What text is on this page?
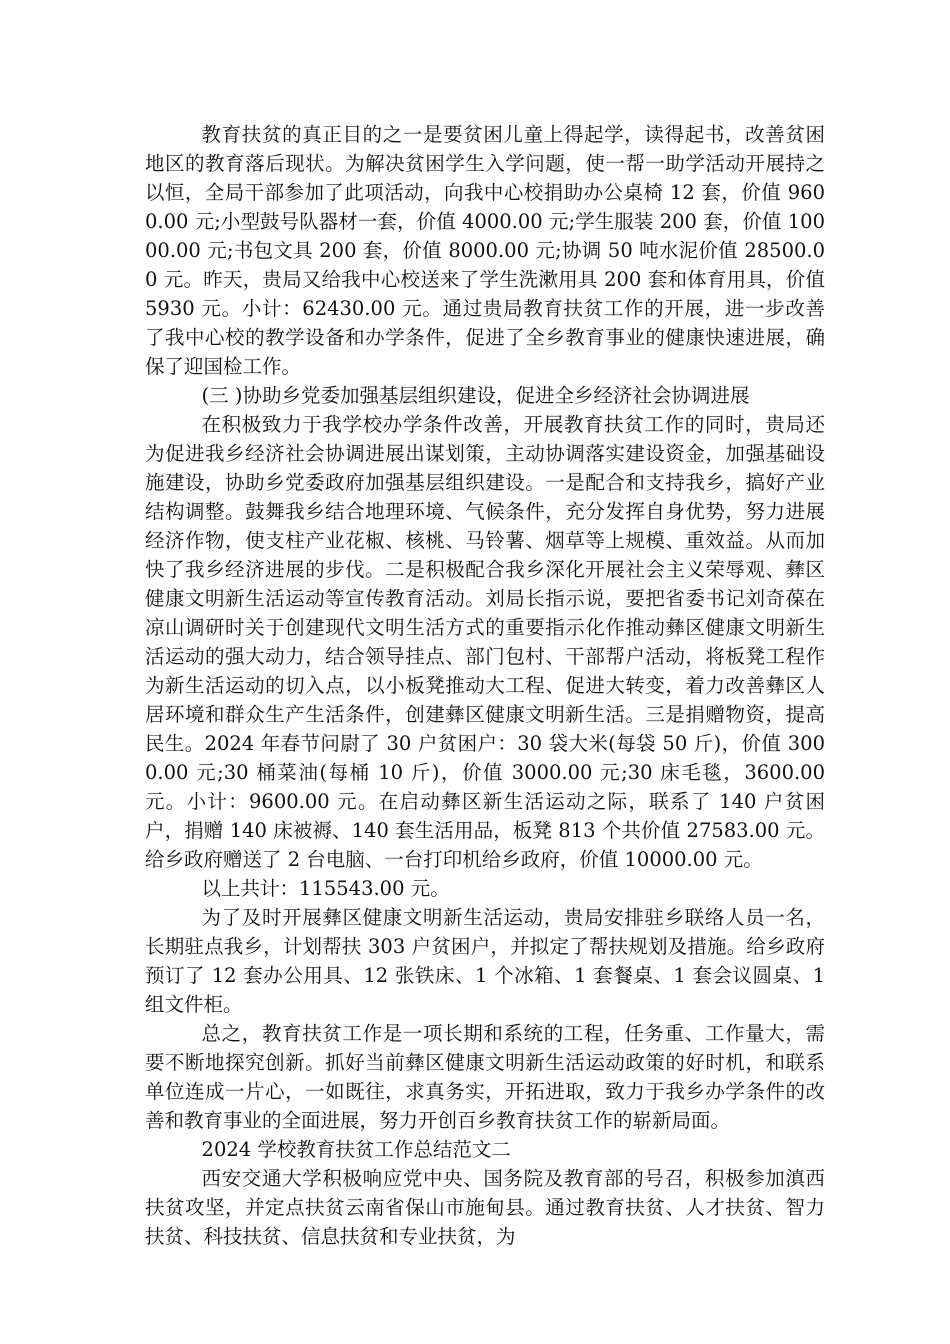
教育扶贫的真正目的之一是要贫困儿童上得起学，读得起书，改善贫困地区的教育落后现状。为解决贫困学生入学问题，使一帮一助学活动开展持之以恒，全局干部参加了此项活动，向我中心校捐助办公桌椅 12 套，价值 9600.00 元;小型鼓号队器材一套，价值 4000.00 元;学生服装 200 套，价值 10000.00 元;书包文具 200 套，价值 8000.00 元;协调 50 吨水泥价值 28500.00 元。昨天，贵局又给我中心校送来了学生洗漱用具 200 套和体育用具，价值 5930 元。小计：62430.00 元。通过贵局教育扶贫工作的开展，进一步改善了我中心校的教学设备和办学条件，促进了全乡教育事业的健康快速进展，确保了迎国检工作。

(三 )协助乡党委加强基层组织建设，促进全乡经济社会协调进展

在积极致力于我学校办学条件改善，开展教育扶贫工作的同时，贵局还为促进我乡经济社会协调进展出谋划策，主动协调落实建设资金，加强基础设施建设，协助乡党委政府加强基层组织建设。一是配合和支持我乡，搞好产业结构调整。鼓舞我乡结合地理环境、气候条件，充分发挥自身优势，努力进展经济作物，使支柱产业花椒、核桃、马铃薯、烟草等上规模、重效益。从而加快了我乡经济进展的步伐。二是积极配合我乡深化开展社会主义荣辱观、彝区健康文明新生活运动等宣传教育活动。刘局长指示说，要把省委书记刘奇葆在凉山调研时关于创建现代文明生活方式的重要指示化作推动彝区健康文明新生活运动的强大动力，结合领导挂点、部门包村、干部帮户活动，将板凳工程作为新生活运动的切入点，以小板凳推动大工程、促进大转变，着力改善彝区人居环境和群众生产生活条件，创建彝区健康文明新生活。三是捐赠物资，提高民生。2024 年春节问尉了 30 户贫困户：30 袋大米(每袋 50 斤)，价值 3000.00 元;30 桶菜油(每桶 10 斤)，价值 3000.00 元;30 床毛毯，3600.00 元。小计：9600.00 元。在启动彝区新生活运动之际，联系了 140 户贫困户，捐赠 140 床被褥、140 套生活用品，板凳 813 个共价值 27583.00 元。给乡政府赠送了 2 台电脑、一台打印机给乡政府，价值 10000.00 元。

以上共计：115543.00 元。

为了及时开展彝区健康文明新生活运动，贵局安排驻乡联络人员一名，长期驻点我乡，计划帮扶 303 户贫困户，并拟定了帮扶规划及措施。给乡政府预订了 12 套办公用具、12 张铁床、1 个冰箱、1 套餐桌、1 套会议圆桌、1 组文件柜。

总之，教育扶贫工作是一项长期和系统的工程，任务重、工作量大，需要不断地探究创新。抓好当前彝区健康文明新生活运动政策的好时机，和联系单位连成一片心，一如既往，求真务实，开拓进取，致力于我乡办学条件的改善和教育事业的全面进展，努力开创百乡教育扶贫工作的崭新局面。

2024 学校教育扶贫工作总结范文二

西安交通大学积极响应党中央、国务院及教育部的号召，积极参加滇西扶贫攻坚，并定点扶贫云南省保山市施甸县。通过教育扶贫、人才扶贫、智力扶贫、科技扶贫、信息扶贫和专业扶贫，为
